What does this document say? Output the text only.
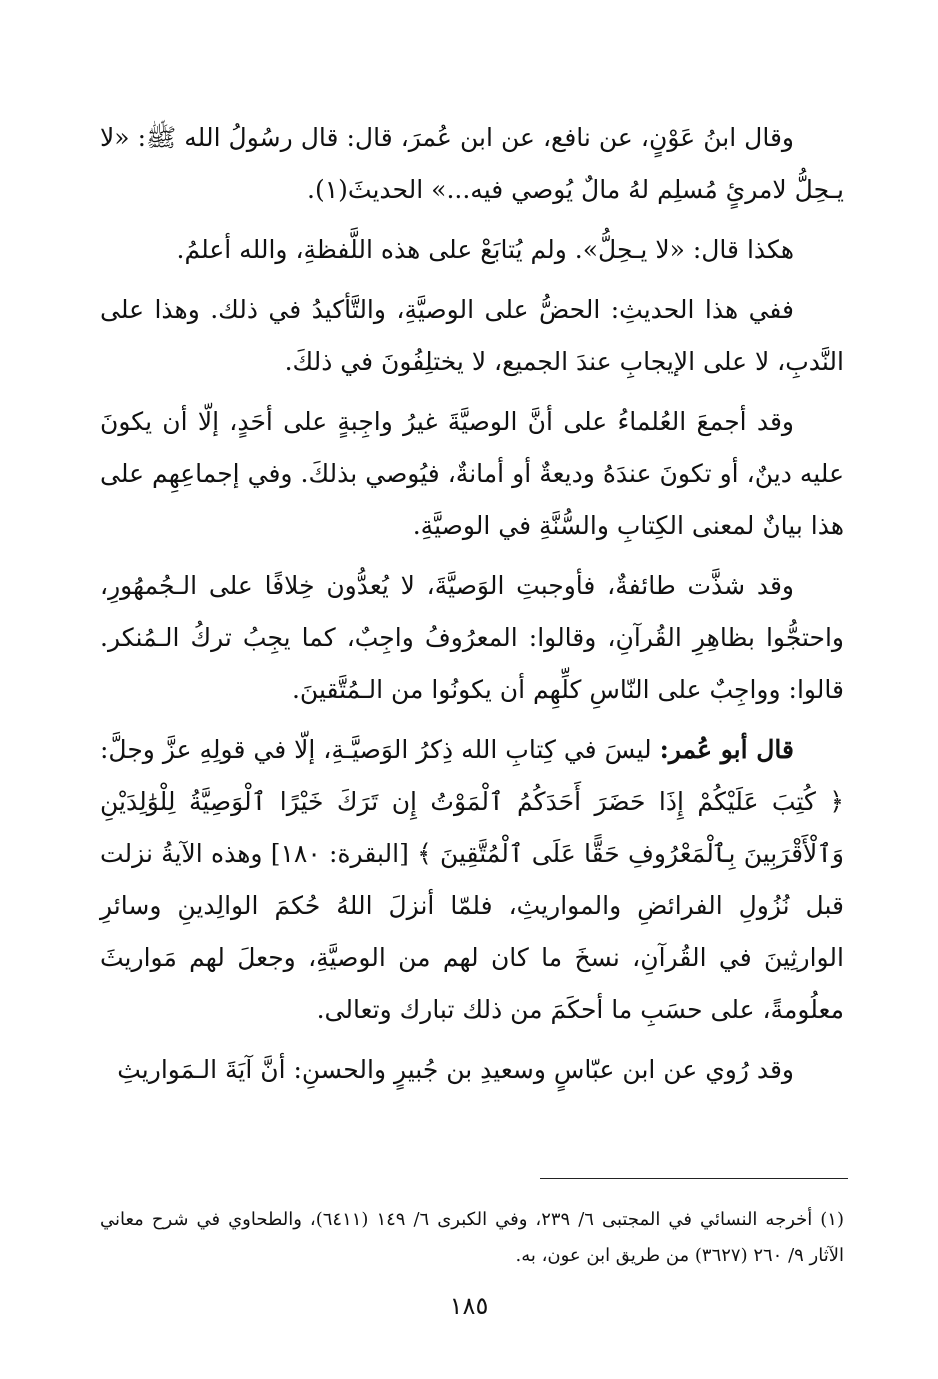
وقال ابنُ عَوْنٍ، عن نافع، عن ابن عُمرَ، قال: قال رسُولُ الله ﷺ: «لا يـحِلُّ لامرئٍ مُسلِم لهُ مالٌ يُوصي فيه...» الحديثَ(١).

هكذا قال: «لا يـحِلُّ». ولم يُتابَعْ على هذه اللَّفظةِ، والله أعلمُ.

ففي هذا الحديثِ: الحضُّ على الوصيَّةِ، والتَّأكيدُ في ذلك. وهذا على النَّدبِ، لا على الإيجابِ عندَ الجميع، لا يختلِفُونَ في ذلكَ.

وقد أجمعَ العُلماءُ على أنَّ الوصيَّةَ غيرُ واجِبةٍ على أحَدٍ، إلّا أن يكونَ عليه دينٌ، أو تكونَ عندَهُ وديعةٌ أو أمانةٌ، فيُوصي بذلكَ. وفي إجماعِهِم على هذا بيانٌ لمعنى الكِتابِ والسُّنَّةِ في الوصيَّةِ.

وقد شذَّت طائفةٌ، فأوجبتِ الوَصيَّةَ، لا يُعدُّون خِلافًا على الـجُمهُورِ، واحتجُّوا بظاهِرِ القُرآنِ، وقالوا: المعرُوفُ واجِبٌ، كما يجِبُ تركُ الـمُنكر. قالوا: وواجِبٌ على النّاسِ كلِّهِم أن يكونُوا من الـمُتَّقينَ.

قال أبو عُمر: ليسَ في كِتابِ الله ذِكرُ الوَصيَّـةِ، إلّا في قولِهِ عزَّ وجلَّ: ﴿ كُتِبَ عَلَيْكُمْ إِذَا حَضَرَ أَحَدَكُمُ ٱلْمَوْتُ إِن تَرَكَ خَيْرًا ٱلْوَصِيَّةُ لِلْوَٰلِدَيْنِ وَٱلْأَقْرَبِينَ بِٱلْمَعْرُوفِ حَقًّا عَلَى ٱلْمُتَّقِينَ ﴾ [البقرة: ١٨٠] وهذه الآيةُ نزلت قبل نُزُولِ الفرائضِ والمواريثِ، فلمّا أنزلَ اللهُ حُكمَ الوالِدينِ وسائرِ الوارثِينَ في القُرآنِ، نسخَ ما كان لهم من الوصيَّةِ، وجعلَ لهم مَواريثَ معلُومةً، على حسَبِ ما أحكَمَ من ذلك تبارك وتعالى.

وقد رُوي عن ابن عبّاسٍ وسعيدِ بن جُبيرٍ والحسنِ: أنَّ آيَةَ الـمَواريثِ

(١) أخرجه النسائي في المجتبى ٦/ ٢٣٩، وفي الكبرى ٦/ ١٤٩ (٦٤١١)، والطحاوي في شرح معاني الآثار ٩/ ٢٦٠ (٣٦٢٧) من طريق ابن عون، به.
١٨٥
